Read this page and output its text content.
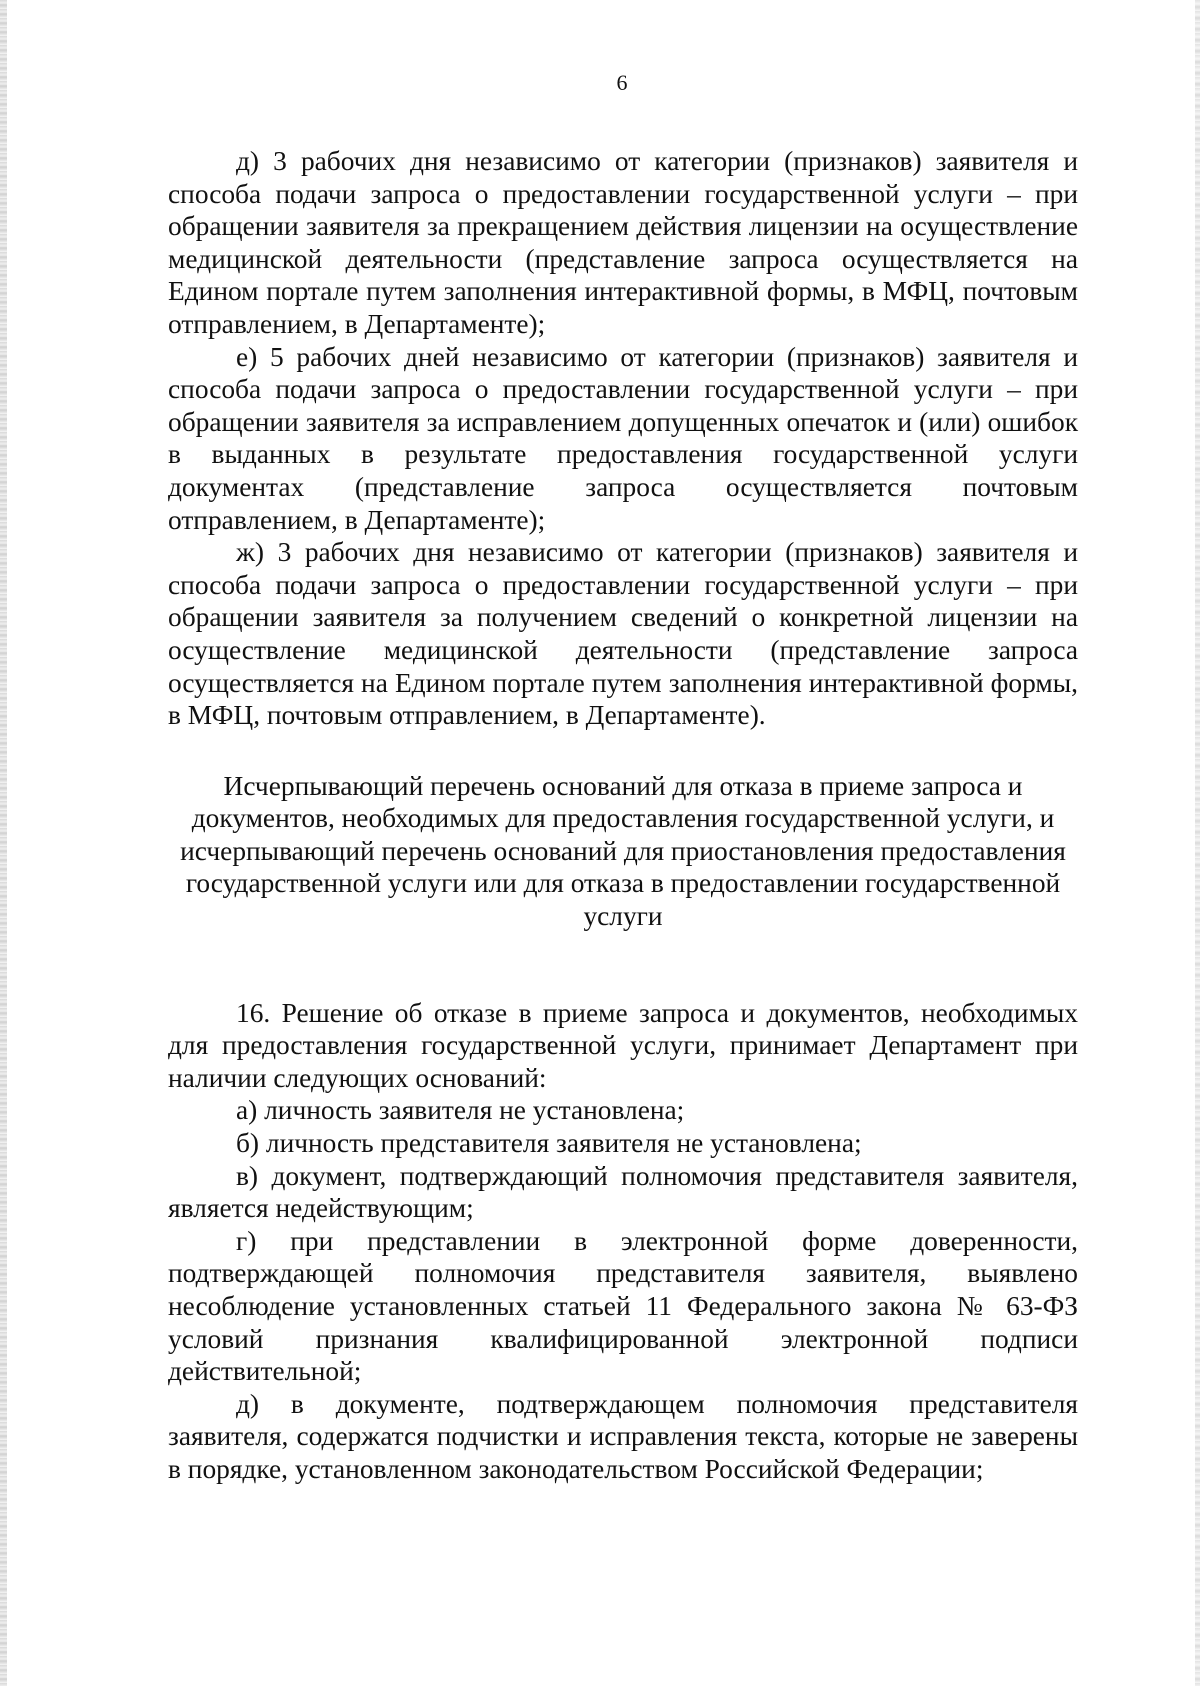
6

д) 3 рабочих дня независимо от категории (признаков) заявителя и способа подачи запроса о предоставлении государственной услуги – при обращении заявителя за прекращением действия лицензии на осуществление медицинской деятельности (представление запроса осуществляется на Едином портале путем заполнения интерактивной формы, в МФЦ, почтовым отправлением, в Департаменте);

е) 5 рабочих дней независимо от категории (признаков) заявителя и способа подачи запроса о предоставлении государственной услуги – при обращении заявителя за исправлением допущенных опечаток и (или) ошибок в выданных в результате предоставления государственной услуги документах (представление запроса осуществляется почтовым отправлением, в Департаменте);

ж) 3 рабочих дня независимо от категории (признаков) заявителя и способа подачи запроса о предоставлении государственной услуги – при обращении заявителя за получением сведений о конкретной лицензии на осуществление медицинской деятельности (представление запроса осуществляется на Едином портале путем заполнения интерактивной формы, в МФЦ, почтовым отправлением, в Департаменте).

Исчерпывающий перечень оснований для отказа в приеме запроса и
документов, необходимых для предоставления государственной услуги, и
исчерпывающий перечень оснований для приостановления предоставления
государственной услуги или для отказа в предоставлении государственной
услуги

16. Решение об отказе в приеме запроса и документов, необходимых для предоставления государственной услуги, принимает Департамент при наличии следующих оснований:

а) личность заявителя не установлена;

б) личность представителя заявителя не установлена;

в) документ, подтверждающий полномочия представителя заявителя, является недействующим;

г) при представлении в электронной форме доверенности, подтверждающей полномочия представителя заявителя, выявлено несоблюдение установленных статьей 11 Федерального закона № 63-ФЗ условий признания квалифицированной электронной подписи действительной;

д) в документе, подтверждающем полномочия представителя заявителя, содержатся подчистки и исправления текста, которые не заверены в порядке, установленном законодательством Российской Федерации;
